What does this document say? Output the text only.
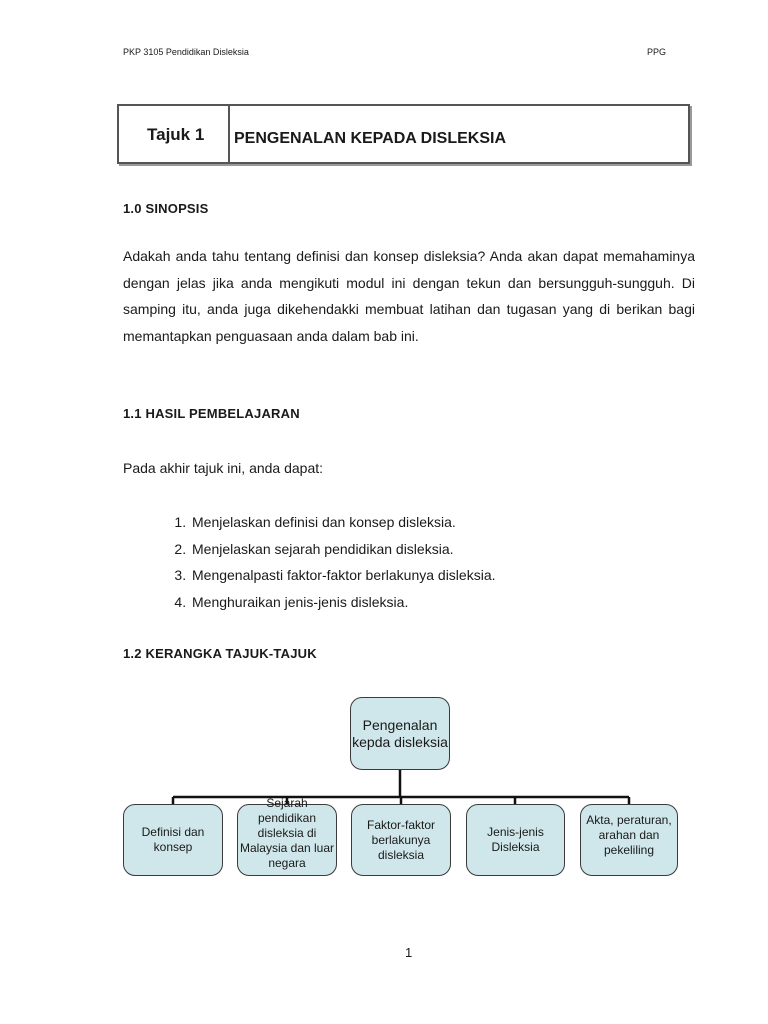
PKP 3105 Pendidikan Disleksia	PPG
Tajuk 1 PENGENALAN KEPADA DISLEKSIA
1.0 SINOPSIS
Adakah anda tahu tentang definisi dan konsep disleksia? Anda akan dapat memahaminya dengan jelas jika anda mengikuti modul ini dengan tekun dan bersungguh-sungguh. Di samping itu, anda juga dikehendakki membuat latihan dan tugasan yang di berikan bagi memantapkan penguasaan anda dalam bab ini.
1.1 HASIL PEMBELAJARAN
Pada akhir tajuk ini, anda dapat:
1. Menjelaskan definisi dan konsep disleksia.
2. Menjelaskan sejarah pendidikan disleksia.
3. Mengenalpasti faktor-faktor berlakunya disleksia.
4. Menghuraikan jenis-jenis disleksia.
1.2 KERANGKA TAJUK-TAJUK
Pengenalan kepda disleksia
Definisi dan konsep
Sejarah pendidikan disleksia di Malaysia dan luar negara
Faktor-faktor berlakunya disleksia
Jenis-jenis Disleksia
Akta, peraturan, arahan dan pekeliling
1
